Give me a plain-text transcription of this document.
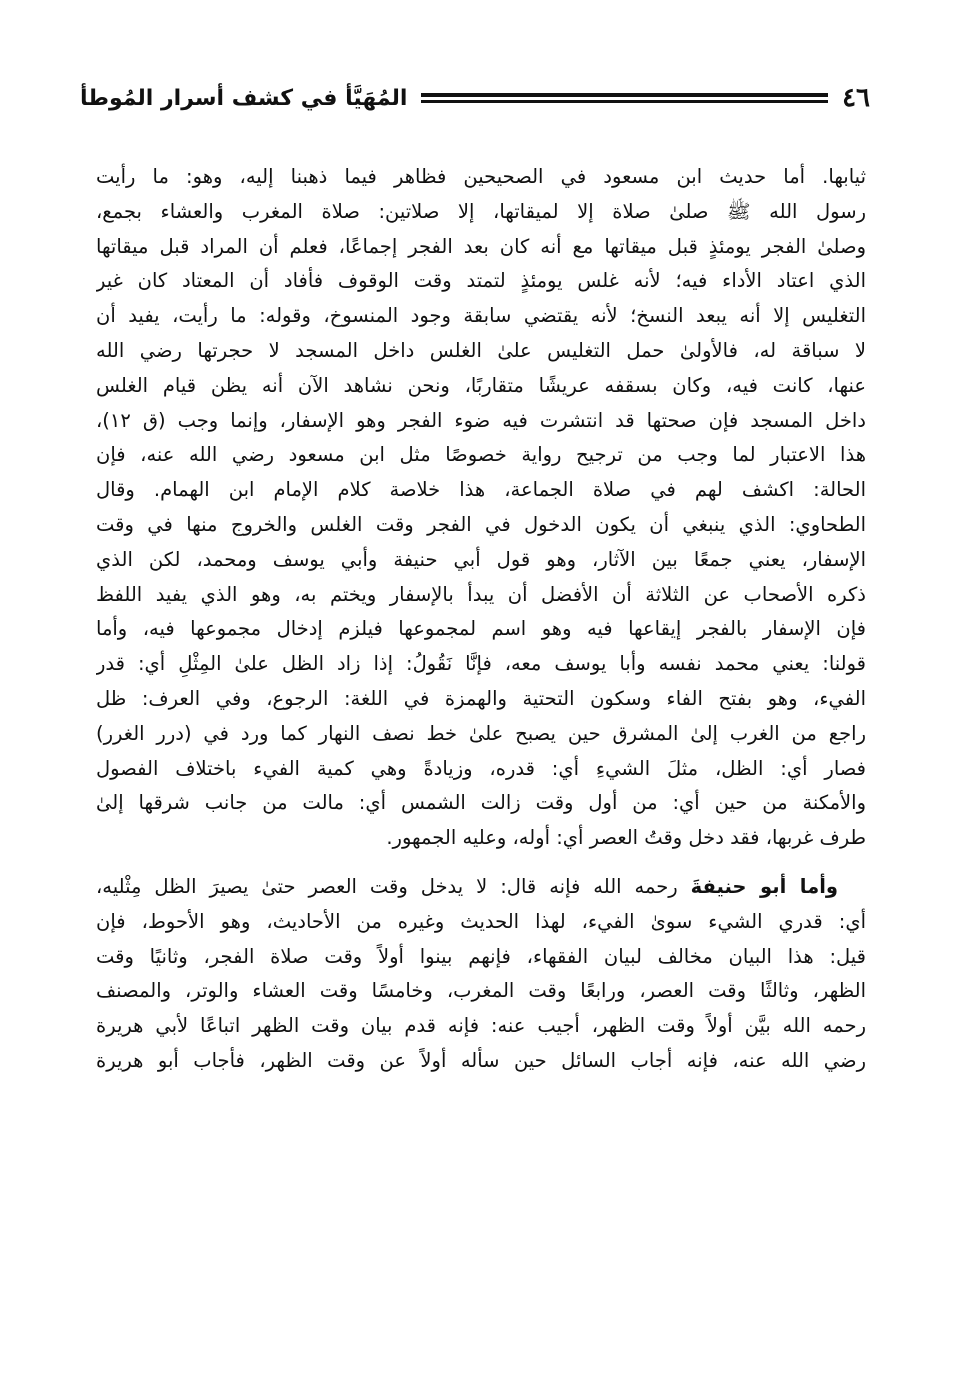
٤٦
المُهَيَّأ في كشف أسرار المُوطأ
ثيابها. أما حديث ابن مسعود في الصحيحين فظاهر فيما ذهبنا إليه، وهو: ما رأيت
رسول الله ﷺ صلىٰ صلاة إلا لميقاتها، إلا صلاتين: صلاة المغرب والعشاء بجمع،
وصلىٰ الفجر يومئذٍ قبل ميقاتها مع أنه كان بعد الفجر إجماعًا، فعلم أن المراد قبل ميقاتها
الذي اعتاد الأداء فيه؛ لأنه غلس يومئذٍ لتمتد وقت الوقوف فأفاد أن المعتاد كان غير
التغليس إلا أنه يبعد النسخ؛ لأنه يقتضي سابقة وجود المنسوخ، وقوله: ما رأيت، يفيد أن
لا سباقة له، فالأولىٰ حمل التغليس علىٰ الغلس داخل المسجد لا حجرتها رضي الله
عنها، كانت فيه، وكان بسقفه عريشًا متقاربًا، ونحن نشاهد الآن أنه يظن قيام الغلس
داخل المسجد فإن صحتها قد انتشرت فيه ضوء الفجر وهو الإسفار، وإنما وجب (ق ١٢)،
هذا الاعتبار لما وجب من ترجيح رواية خصوصًا مثل ابن مسعود رضي الله عنه، فإن
الحالة: اكشف لهم في صلاة الجماعة، هذا خلاصة كلام الإمام ابن الهمام. وقال
الطحاوي: الذي ينبغي أن يكون الدخول في الفجر وقت الغلس والخروج منها في وقت
الإسفار، يعني جمعًا بين الآثار، وهو قول أبي حنيفة وأبي يوسف ومحمد، لكن الذي
ذكره الأصحاب عن الثلاثة أن الأفضل أن يبدأ بالإسفار ويختم به، وهو الذي يفيد اللفظ
فإن الإسفار بالفجر إيقاعها فيه وهو اسم لمجموعها فيلزم إدخال مجموعها فيه، وأما
قولنا: يعني محمد نفسه وأبا يوسف معه، فإنَّا نَقُولُ: إذا زاد الظل علىٰ المِثْلِ أي: قدر
الفيء، وهو بفتح الفاء وسكون التحتية والهمزة في اللغة: الرجوع، وفي العرف: ظل
راجع من الغرب إلىٰ المشرق حين يصبح علىٰ خط نصف النهار كما ورد في (درر الغرر)
فصار أي: الظل، مثلَ الشيءِ أي: قدره، وزيادةً وهي كمية الفيء باختلاف الفصول
والأمكنة من حين أي: من أول وقت زالت الشمس أي: مالت من جانب شرقها إلىٰ
طرف غربها، فقد دخل وقتُ العصر أي: أوله، وعليه الجمهور.
وأما أبو حنيفةَ رحمه الله فإنه قال: لا يدخل وقت العصر حتىٰ يصيرَ الظل مِثْليه،
أي: قدري الشيء سوىٰ الفيء، لهذا الحديث وغيره من الأحاديث، وهو الأحوط، فإن
قيل: هذا البيان مخالف لبيان الفقهاء، فإنهم بينوا أولاً وقت صلاة الفجر، وثانيًا وقت
الظهر، وثالثًا وقت العصر، ورابعًا وقت المغرب، وخامسًا وقت العشاء والوتر، والمصنف
رحمه الله بيَّن أولاً وقت الظهر، أجيب عنه: فإنه قدم بيان وقت الظهر اتباعًا لأبي هريرة
رضي الله عنه، فإنه أجاب السائل حين سأله أولاً عن وقت الظهر، فأجاب أبو هريرة
